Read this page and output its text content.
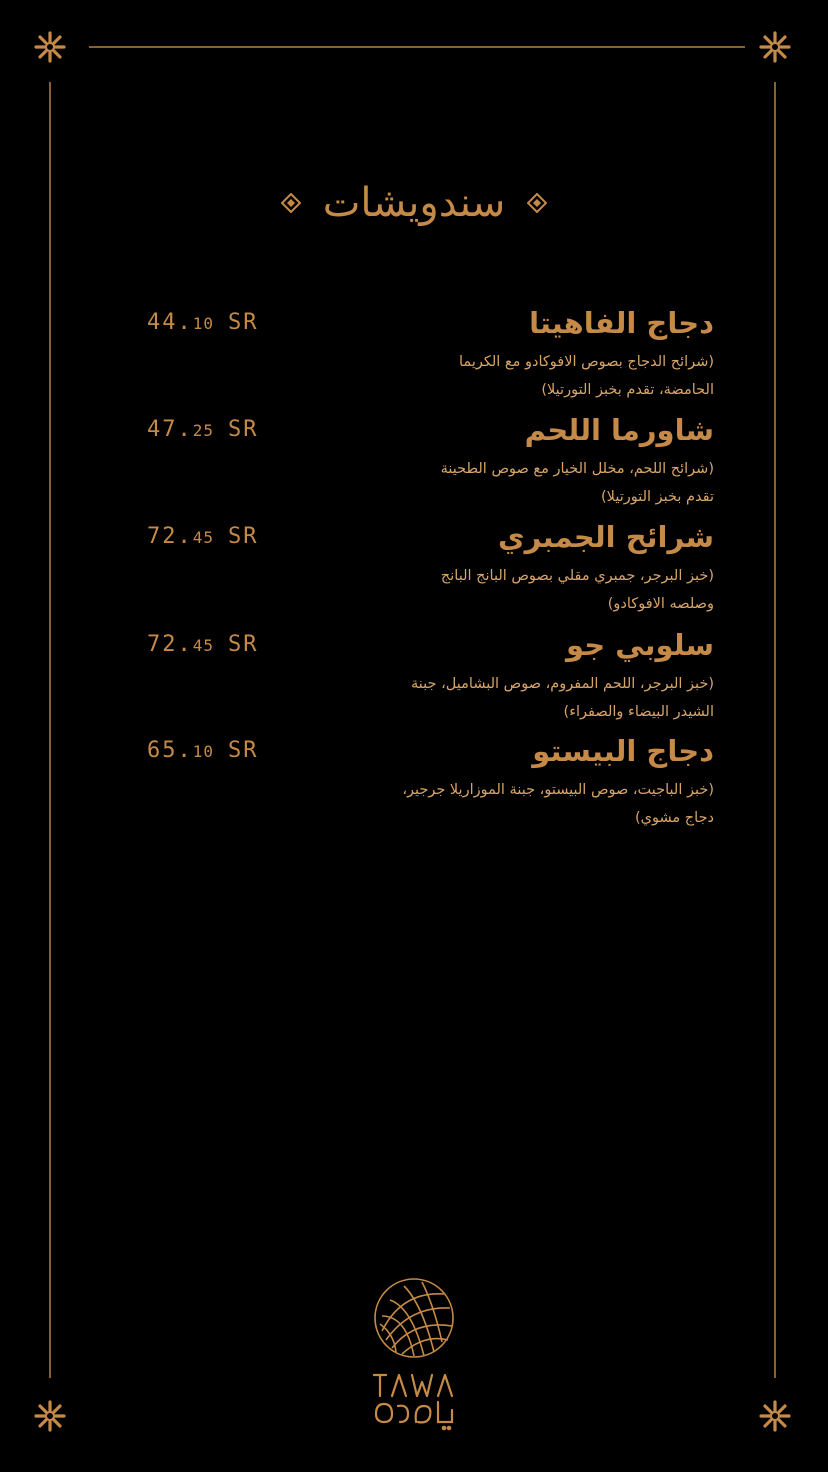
سندويشات
دجاج الفاهيتا
(شرائح الدجاج بصوص الافوكادو مع الكريما
الحامضة، تقدم بخبز التورتيلا)
44.10 SR
شاورما اللحم
(شرائح اللحم، مخلل الخيار مع صوص الطحينة
تقدم بخبز التورتيلا)
47.25 SR
شرائح الجمبري
(خبز البرجر، جمبري مقلي بصوص البانج البانج
وصلصه الافوكادو)
72.45 SR
سلوبي جو
(خبز البرجر، اللحم المفروم، صوص البشاميل، جبنة
الشيدر البيضاء والصفراء)
72.45 SR
دجاج البيستو
(خبز الباجيت، صوص البيستو، جبنة الموزاريلا جرجير،
دجاج مشوي)
65.10 SR
